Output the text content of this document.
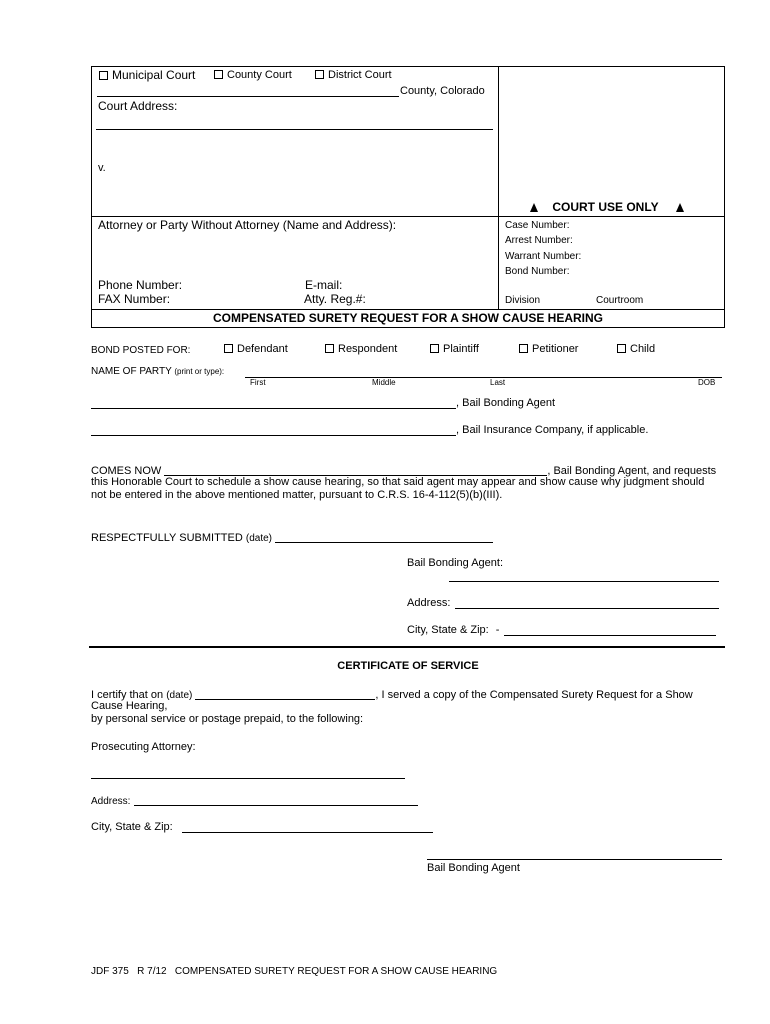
Municipal Court	County Court	District Court
County, Colorado
Court Address:
v.
COURT USE ONLY
Case Number:
Arrest Number:
Warrant Number:
Bond Number:
Division	Courtroom
Attorney or Party Without Attorney (Name and Address):
Phone Number:	E-mail:
FAX Number:	Atty. Reg.#:
COMPENSATED SURETY REQUEST FOR A SHOW CAUSE HEARING
BOND POSTED FOR:	Defendant	Respondent	Plaintiff	Petitioner	Child
NAME OF PARTY (print or type):
First	Middle	Last	DOB
, Bail Bonding Agent
, Bail Insurance Company, if applicable.
COMES NOW	, Bail Bonding Agent, and requests
this Honorable Court to schedule a show cause hearing, so that said agent may appear and show cause why judgment should
not be entered in the above mentioned matter, pursuant to C.R.S. 16-4-112(5)(b)(III).
RESPECTFULLY SUBMITTED (date)
Bail Bonding Agent:
Address:
City, State & Zip: -
CERTIFICATE OF SERVICE
I certify that on (date)	, I served a copy of the Compensated Surety Request for a Show
Cause Hearing,
by personal service or postage prepaid, to the following:
Prosecuting Attorney:
Address:
City, State & Zip:
Bail Bonding Agent
JDF 375   R 7/12   COMPENSATED SURETY REQUEST FOR A SHOW CAUSE HEARING
